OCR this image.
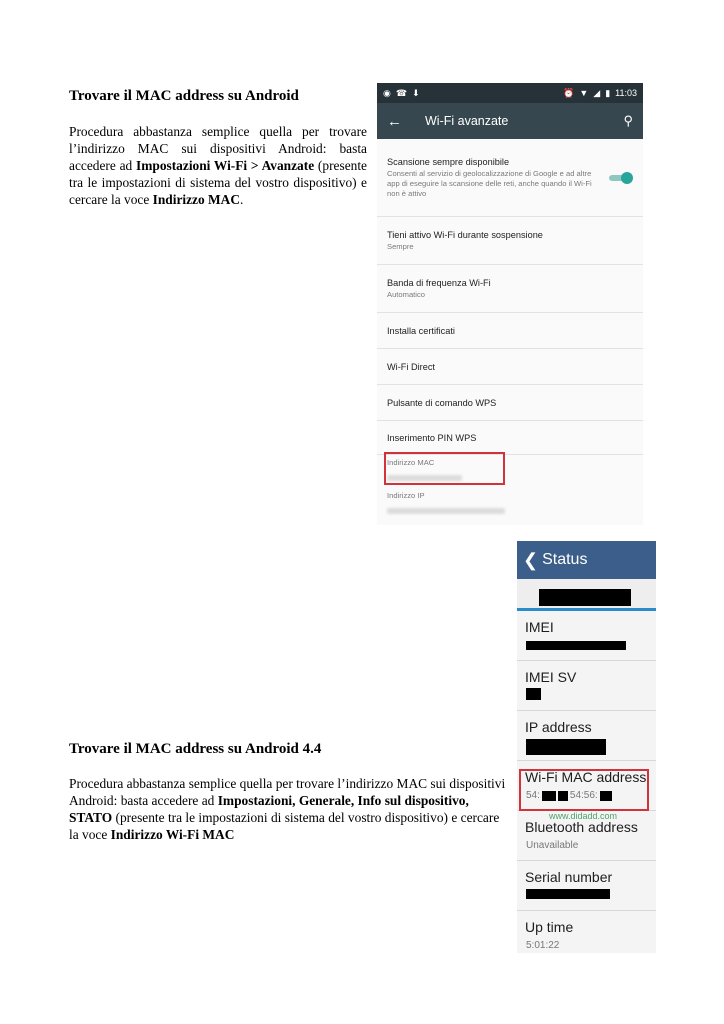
Trovare il MAC address su Android

Procedura abbastanza semplice quella per trovare l’indirizzo MAC sui dispositivi Android: basta accedere ad Impostazioni Wi-Fi > Avanzate (presente tra le impostazioni di sistema del vostro dispositivo) e cercare la voce Indirizzo MAC.

◉ ☎ ⬇	⏰ ▼ ◢ ▮ 11:03
←	Wi-Fi avanzate	⚲
Scansione sempre disponibile
Consenti al servizio di geolocalizzazione di Google e ad altre app di eseguire la scansione delle reti, anche quando il Wi-Fi non è attivo
Tieni attivo Wi-Fi durante sospensione
Sempre
Banda di frequenza Wi-Fi
Automatico
Installa certificati
Wi-Fi Direct
Pulsante di comando WPS
Inserimento PIN WPS
Indirizzo MAC
Indirizzo IP
❮ Status
IMEI
IMEI SV
IP address
Wi-Fi MAC address
54:	54:56:
Bluetooth address
Unavailable
Serial number
Up time
5:01:22
www.didadd.com
Trovare il MAC address su Android 4.4

Procedura abbastanza semplice quella per trovare l’indirizzo MAC sui dispositivi Android: basta accedere ad Impostazioni, Generale, Info sul dispositivo, STATO (presente tra le impostazioni di sistema del vostro dispositivo) e cercare la voce Indirizzo Wi-Fi MAC
